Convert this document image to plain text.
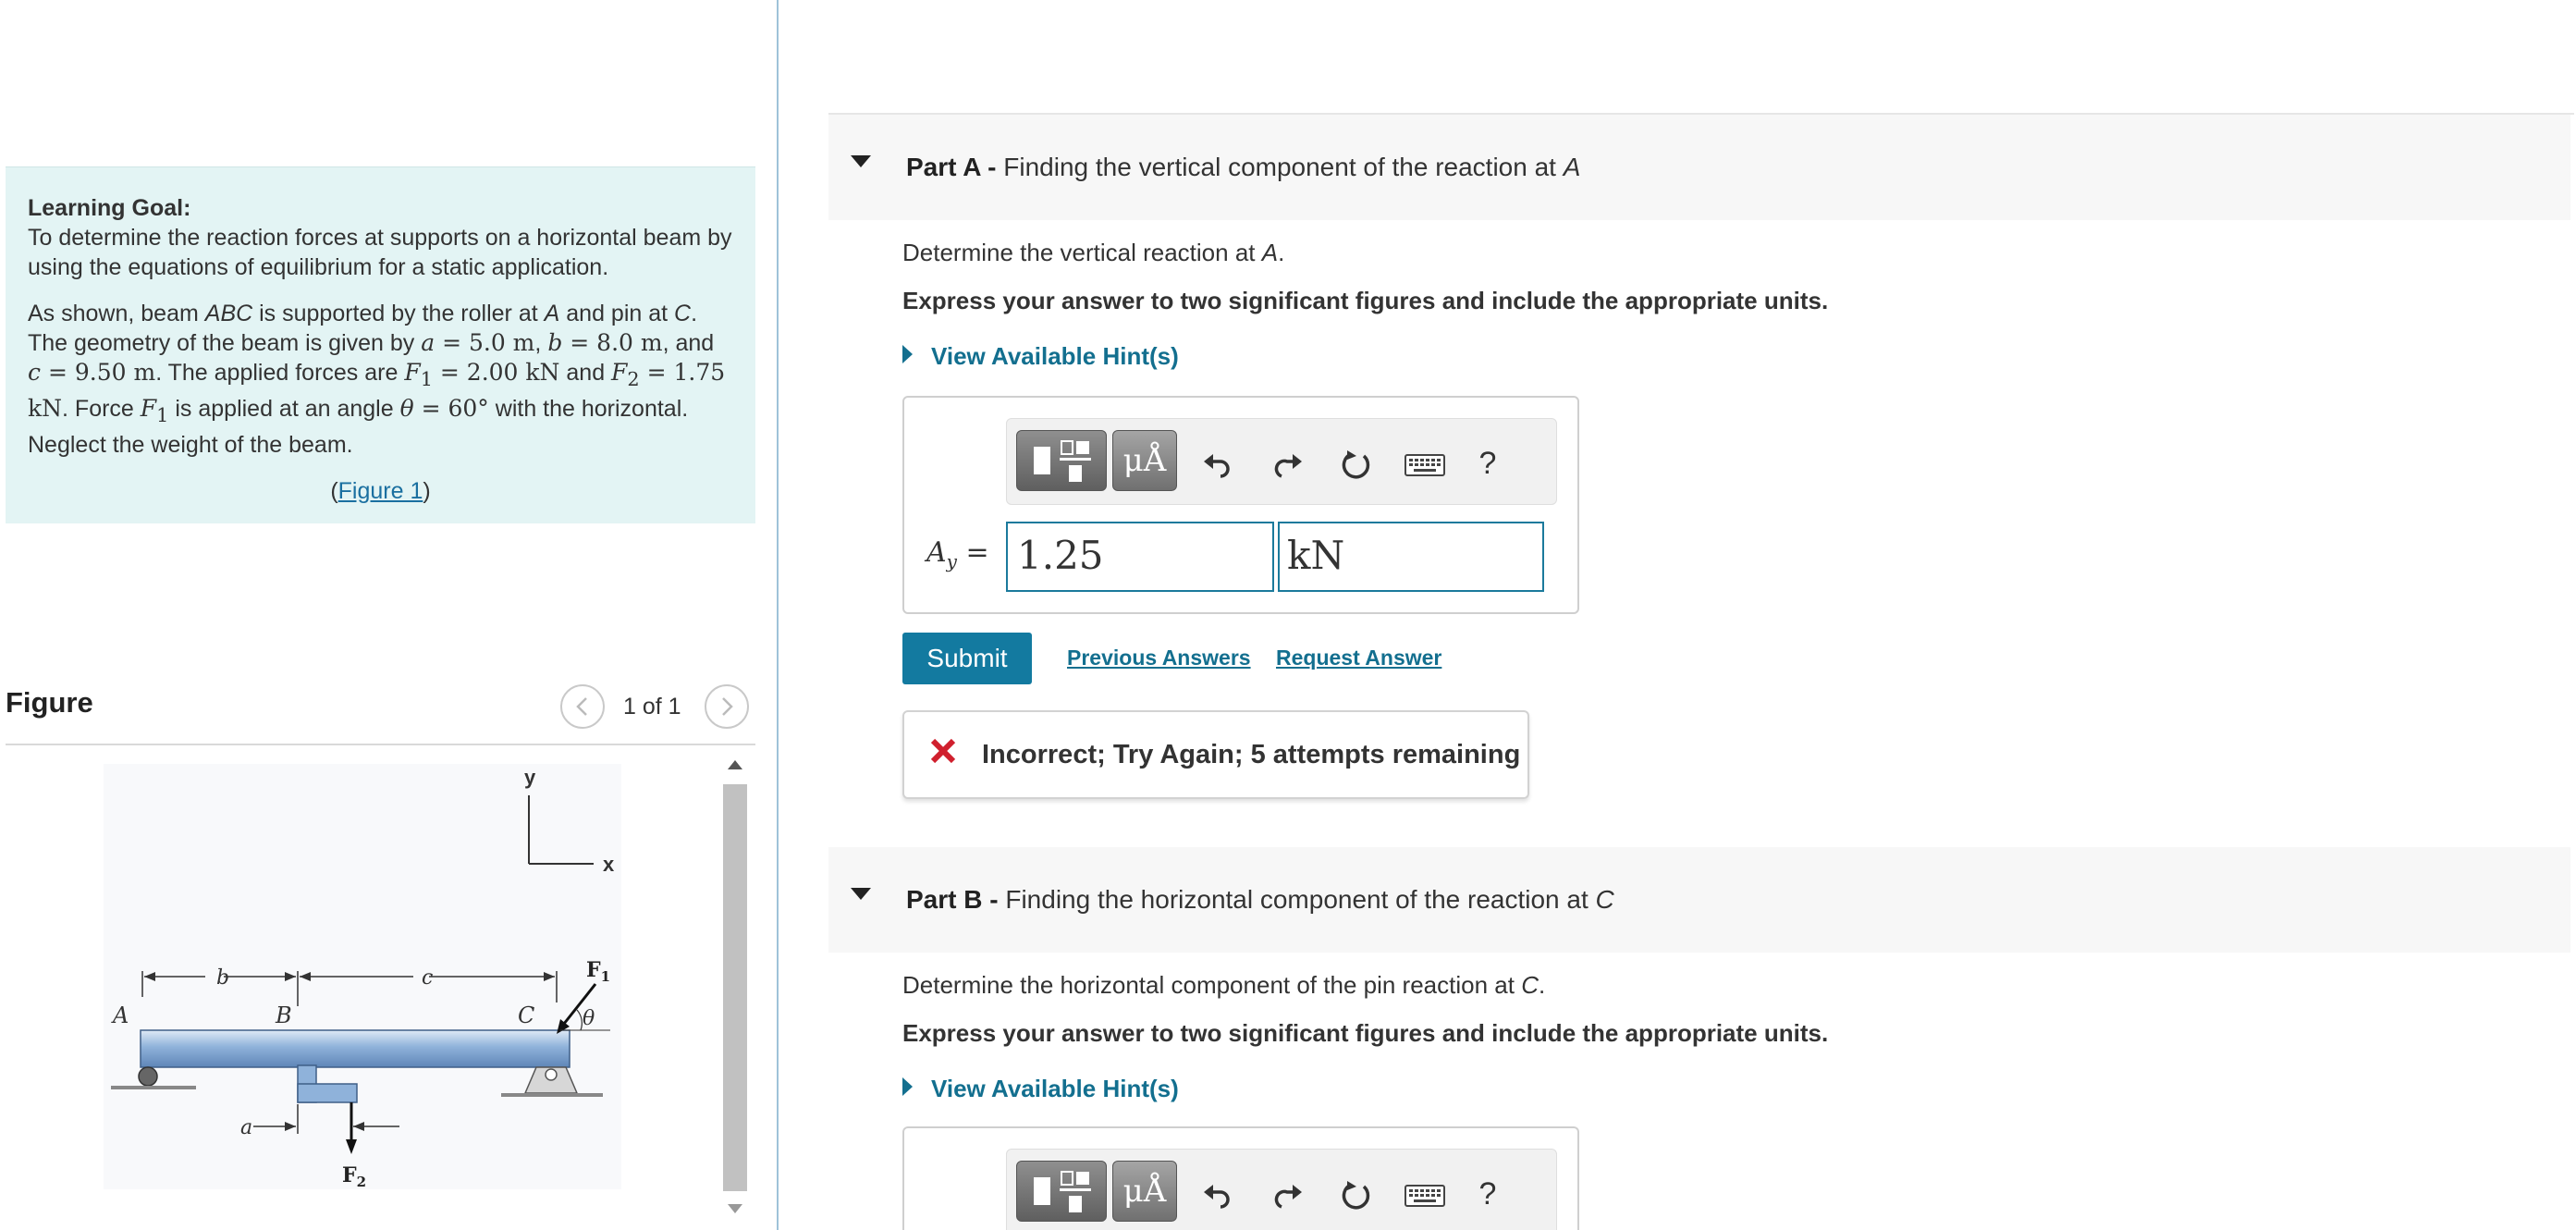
Learning Goal:

To determine the reaction forces at supports on a horizontal beam by using the equations of equilibrium for a static application.

As shown, beam ABC is supported by the roller at A and pin at C. The geometry of the beam is given by a = 5.0 m, b = 8.0 m, and c = 9.50 m. The applied forces are $F_1 = 2.00$ kN and $F_2 = 1.75$ kN. Force $F_1$ is applied at an angle θ = 60° with the horizontal. Neglect the weight of the beam.

(Figure 1)
Figure	1 of 1
y
x
b	c
A	B	C
$F_1$
θ
$F_2$
a
Part A - Finding the vertical component of the reaction at A
Determine the vertical reaction at A.
Express your answer to two significant figures and include the appropriate units.
View Available Hint(s)
μÅ	?
$A_y = 1.25$	kN
Submit	Previous Answers Request Answer
Incorrect; Try Again; 5 attempts remaining
Part B - Finding the horizontal component of the reaction at C
Determine the horizontal component of the pin reaction at C.
Express your answer to two significant figures and include the appropriate units.
View Available Hint(s)
μÅ	?
